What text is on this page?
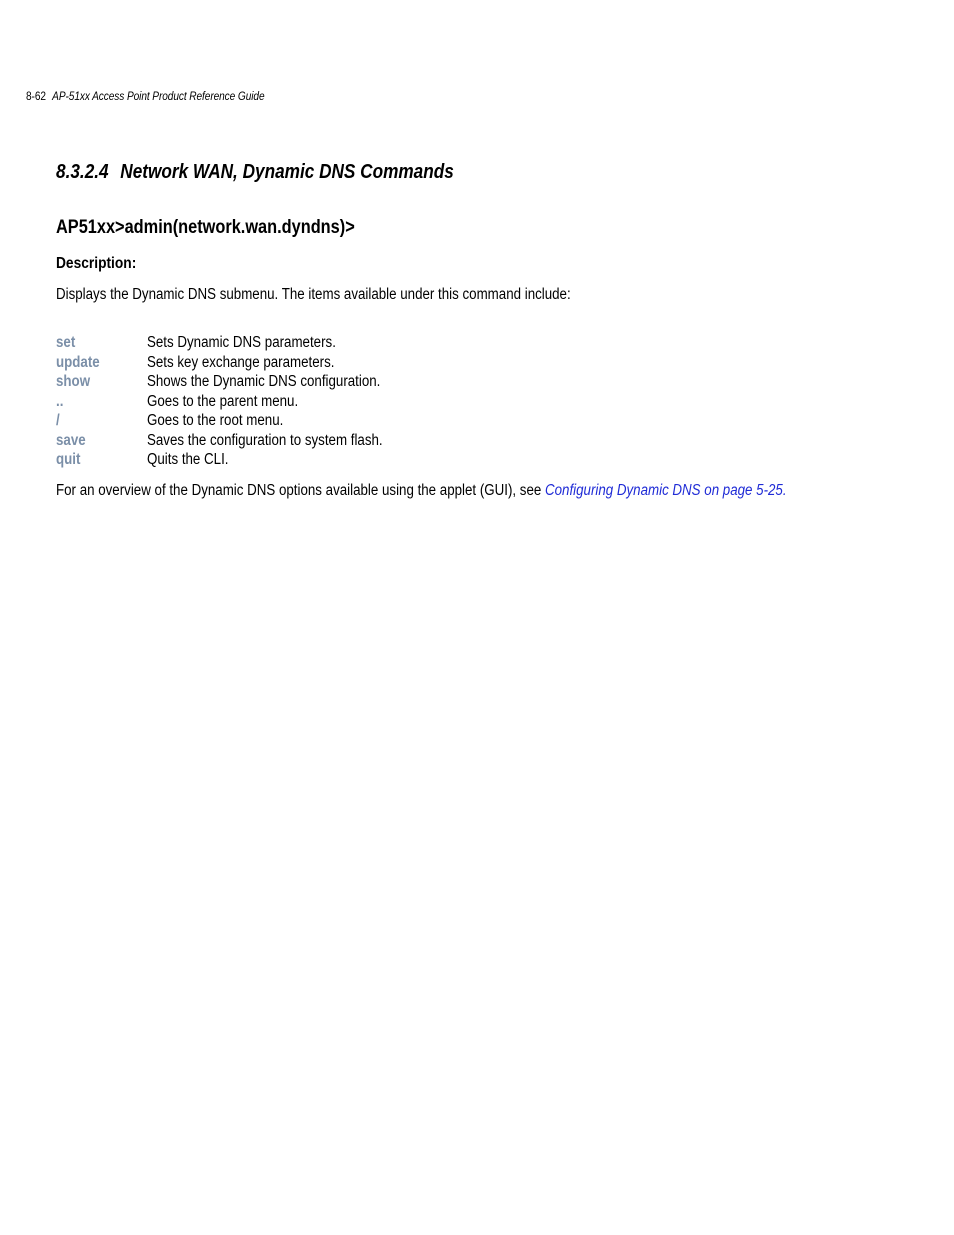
8-62 AP-51xx Access Point Product Reference Guide
8.3.2.4 Network WAN, Dynamic DNS Commands
AP51xx>admin(network.wan.dyndns)>
Description:

Displays the Dynamic DNS submenu. The items available under this command include:

set	Sets Dynamic DNS parameters.
update	Sets key exchange parameters.
show	Shows the Dynamic DNS configuration.
..	Goes to the parent menu.
/	Goes to the root menu.
save	Saves the configuration to system flash.
quit	Quits the CLI.

For an overview of the Dynamic DNS options available using the applet (GUI), see Configuring Dynamic DNS on page 5-25.
